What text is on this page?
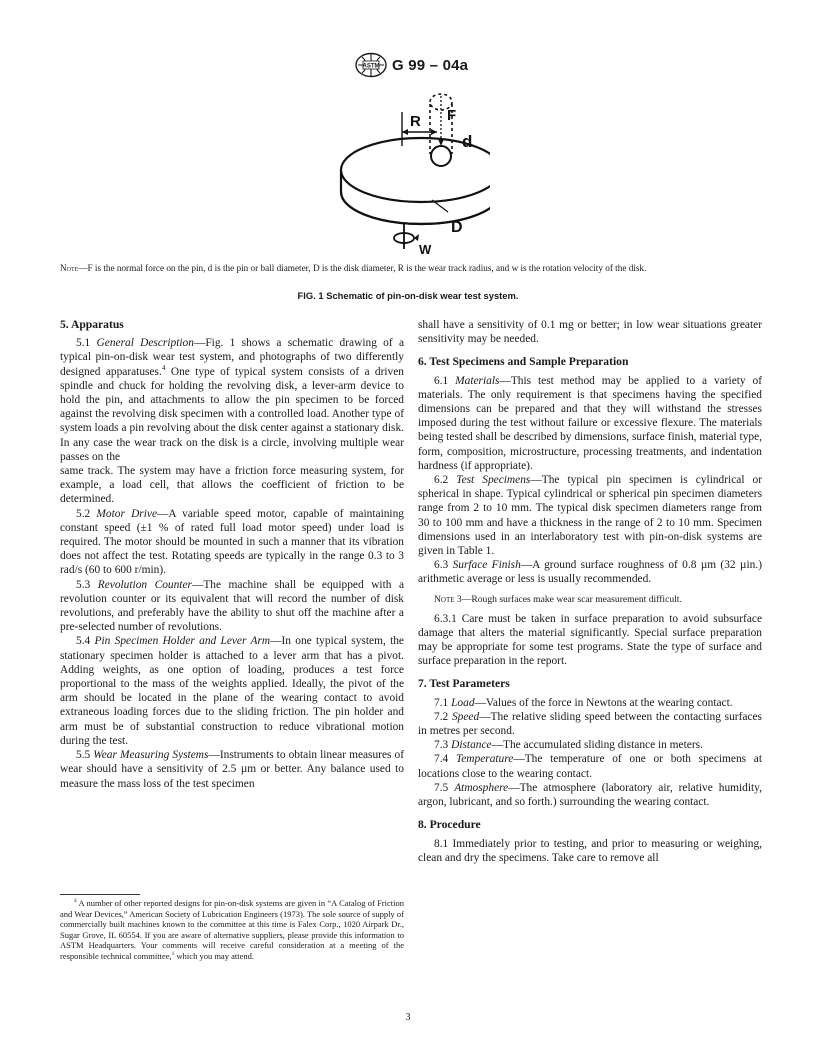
ASTM G 99 – 04a
R F
d
D
W
Note—F is the normal force on the pin, d is the pin or ball diameter, D is the disk diameter, R is the wear track radius, and w is the rotation velocity of the disk.
FIG. 1 Schematic of pin-on-disk wear test system.

5. Apparatus

5.1 General Description—Fig. 1 shows a schematic drawing of a typical pin-on-disk wear test system, and photographs of two differently designed apparatuses.$^4$ One type of typical system consists of a driven spindle and chuck for holding the revolving disk, a lever-arm device to hold the pin, and attachments to allow the pin specimen to be forced against the revolving disk specimen with a controlled load. Another type of system loads a pin revolving about the disk center against a stationary disk. In any case the wear track on the disk is a circle, involving multiple wear passes on the

same track. The system may have a friction force measuring system, for example, a load cell, that allows the coefficient of friction to be determined.

5.2 Motor Drive—A variable speed motor, capable of maintaining constant speed (±1 % of rated full load motor speed) under load is required. The motor should be mounted in such a manner that its vibration does not affect the test. Rotating speeds are typically in the range 0.3 to 3 rad/s (60 to 600 r/min).

5.3 Revolution Counter—The machine shall be equipped with a revolution counter or its equivalent that will record the number of disk revolutions, and preferably have the ability to shut off the machine after a pre-selected number of revolutions.

5.4 Pin Specimen Holder and Lever Arm—In one typical system, the stationary specimen holder is attached to a lever arm that has a pivot. Adding weights, as one option of loading, produces a test force proportional to the mass of the weights applied. Ideally, the pivot of the arm should be located in the plane of the wearing contact to avoid extraneous loading forces due to the sliding friction. The pin holder and arm must be of substantial construction to reduce vibrational motion during the test.

5.5 Wear Measuring Systems—Instruments to obtain linear measures of wear should have a sensitivity of 2.5 µm or better. Any balance used to measure the mass loss of the test specimen

shall have a sensitivity of 0.1 mg or better; in low wear situations greater sensitivity may be needed.

6. Test Specimens and Sample Preparation

6.1 Materials—This test method may be applied to a variety of materials. The only requirement is that specimens having the specified dimensions can be prepared and that they will withstand the stresses imposed during the test without failure or excessive flexure. The materials being tested shall be described by dimensions, surface finish, material type, form, composition, microstructure, processing treatments, and indentation hardness (if appropriate).

6.2 Test Specimens—The typical pin specimen is cylindrical or spherical in shape. Typical cylindrical or spherical pin specimen diameters range from 2 to 10 mm. The typical disk specimen diameters range from 30 to 100 mm and have a thickness in the range of 2 to 10 mm. Specimen dimensions used in an interlaboratory test with pin-on-disk systems are given in Table 1.

6.3 Surface Finish—A ground surface roughness of 0.8 µm (32 µin.) arithmetic average or less is usually recommended.

Note 3—Rough surfaces make wear scar measurement difficult.

6.3.1 Care must be taken in surface preparation to avoid subsurface damage that alters the material significantly. Special surface preparation may be appropriate for some test programs. State the type of surface and surface preparation in the report.

7. Test Parameters

7.1 Load—Values of the force in Newtons at the wearing contact.

7.2 Speed—The relative sliding speed between the contacting surfaces in metres per second.

7.3 Distance—The accumulated sliding distance in meters.

7.4 Temperature—The temperature of one or both specimens at locations close to the wearing contact.

7.5 Atmosphere—The atmosphere (laboratory air, relative humidity, argon, lubricant, and so forth.) surrounding the wearing contact.

8. Procedure

8.1 Immediately prior to testing, and prior to measuring or weighing, clean and dry the specimens. Take care to remove all

$^4$ A number of other reported designs for pin-on-disk systems are given in “A Catalog of Friction and Wear Devices,” American Society of Lubrication Engineers (1973). The sole source of supply of commercially built machines known to the committee at this time is Falex Corp., 1020 Airpark Dr., Sugar Grove, IL 60554. If you are aware of alternative suppliers, please provide this information to ASTM Headquarters. Your comments will receive careful consideration at a meeting of the responsible technical committee,$^1$ which you may attend.
3
